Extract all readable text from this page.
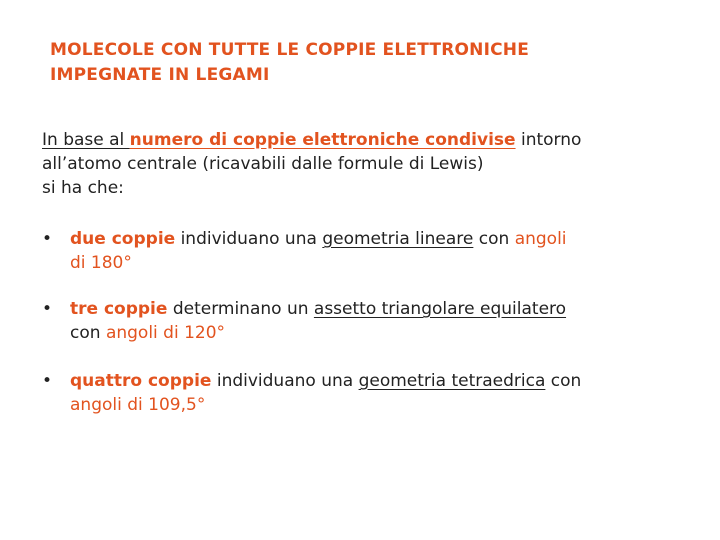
MOLECOLE CON TUTTE LE COPPIE ELETTRONICHE
IMPEGNATE IN LEGAMI
In base al numero di coppie elettroniche condivise intorno
all’atomo centrale (ricavabili dalle formule di Lewis)
si ha che:
•	due coppie individuano una geometria lineare con angoli
di 180°
•	tre coppie determinano un assetto triangolare equilatero
con angoli di 120°
•	quattro coppie individuano una geometria tetraedrica con
angoli di 109,5°
